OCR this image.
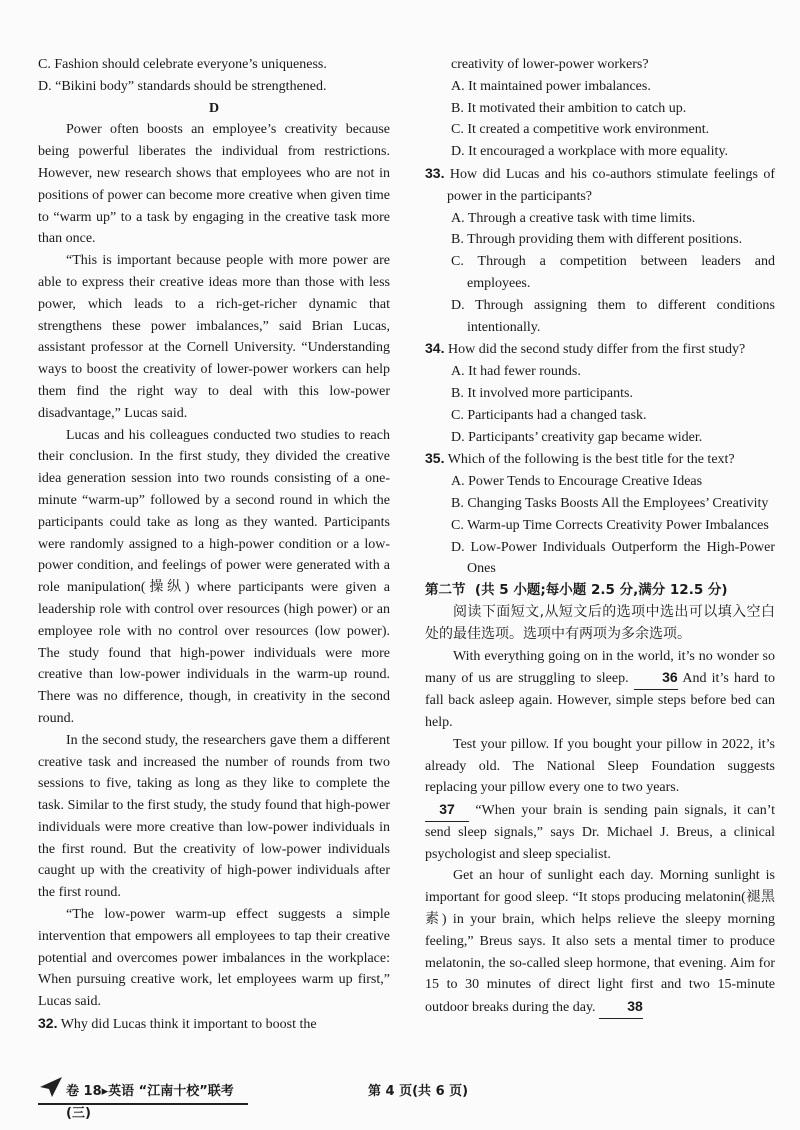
C. Fashion should celebrate everyone’s uniqueness.

D. “Bikini body” standards should be strengthened.

D

Power often boosts an employee’s creativity because being powerful liberates the individual from restrictions. However, new research shows that employees who are not in positions of power can become more creative when given time to “warm up” to a task by engaging in the creative task more than once.

“This is important because people with more power are able to express their creative ideas more than those with less power, which leads to a rich-get-richer dynamic that strengthens these power imbalances,” said Brian Lucas, assistant professor at the Cornell University. “Understanding ways to boost the creativity of lower-power workers can help them find the right way to deal with this low-power disadvantage,” Lucas said.

Lucas and his colleagues conducted two studies to reach their conclusion. In the first study, they divided the creative idea generation session into two rounds consisting of a one-minute “warm-up” followed by a second round in which the participants could take as long as they wanted. Participants were randomly assigned to a high-power condition or a low-power condition, and feelings of power were generated with a role manipulation(操纵) where participants were given a leadership role with control over resources (high power) or an employee role with no control over resources (low power). The study found that high-power individuals were more creative than low-power individuals in the warm-up round. There was no difference, though, in creativity in the second round.

In the second study, the researchers gave them a different creative task and increased the number of rounds from two sessions to five, taking as long as they like to complete the task. Similar to the first study, the study found that high-power individuals were more creative than low-power individuals in the first round. But the creativity of low-power individuals caught up with the creativity of high-power individuals after the first round.

“The low-power warm-up effect suggests a simple intervention that empowers all employees to tap their creative potential and overcomes power imbalances in the workplace: When pursuing creative work, let employees warm up first,” Lucas said.

32. Why did Lucas think it important to boost the

creativity of lower-power workers?

A. It maintained power imbalances.

B. It motivated their ambition to catch up.

C. It created a competitive work environment.

D. It encouraged a workplace with more equality.

33. How did Lucas and his co-authors stimulate feelings of power in the participants?

A. Through a creative task with time limits.

B. Through providing them with different positions.

C. Through a competition between leaders and employees.

D. Through assigning them to different conditions intentionally.

34. How did the second study differ from the first study?

A. It had fewer rounds.

B. It involved more participants.

C. Participants had a changed task.

D. Participants’ creativity gap became wider.

35. Which of the following is the best title for the text?

A. Power Tends to Encourage Creative Ideas

B. Changing Tasks Boosts All the Employees’ Creativity

C. Warm-up Time Corrects Creativity Power Imbalances

D. Low-Power Individuals Outperform the High-Power Ones

第二节 (共 5 小题;每小题 2.5 分,满分 12.5 分)

阅读下面短文,从短文后的选项中选出可以填入空白处的最佳选项。选项中有两项为多余选项。

With everything going on in the world, it’s no wonder so many of us are struggling to sleep. 36 And it’s hard to fall back asleep again. However, simple steps before bed can help.

Test your pillow. If you bought your pillow in 2022, it’s already old. The National Sleep Foundation suggests replacing your pillow every one to two years.

37 “When your brain is sending pain signals, it can’t send sleep signals,” says Dr. Michael J. Breus, a clinical psychologist and sleep specialist.

Get an hour of sunlight each day. Morning sunlight is important for good sleep. “It stops producing melatonin(褪黑素) in your brain, which helps relieve the sleepy morning feeling,” Breus says. It also sets a mental timer to produce melatonin, the so-called sleep hormone, that evening. Aim for 15 to 30 minutes of direct light first and two 15-minute outdoor breaks during the day. 38

卷 18▸英语 “江南十校”联考(三)
第 4 页(共 6 页)
